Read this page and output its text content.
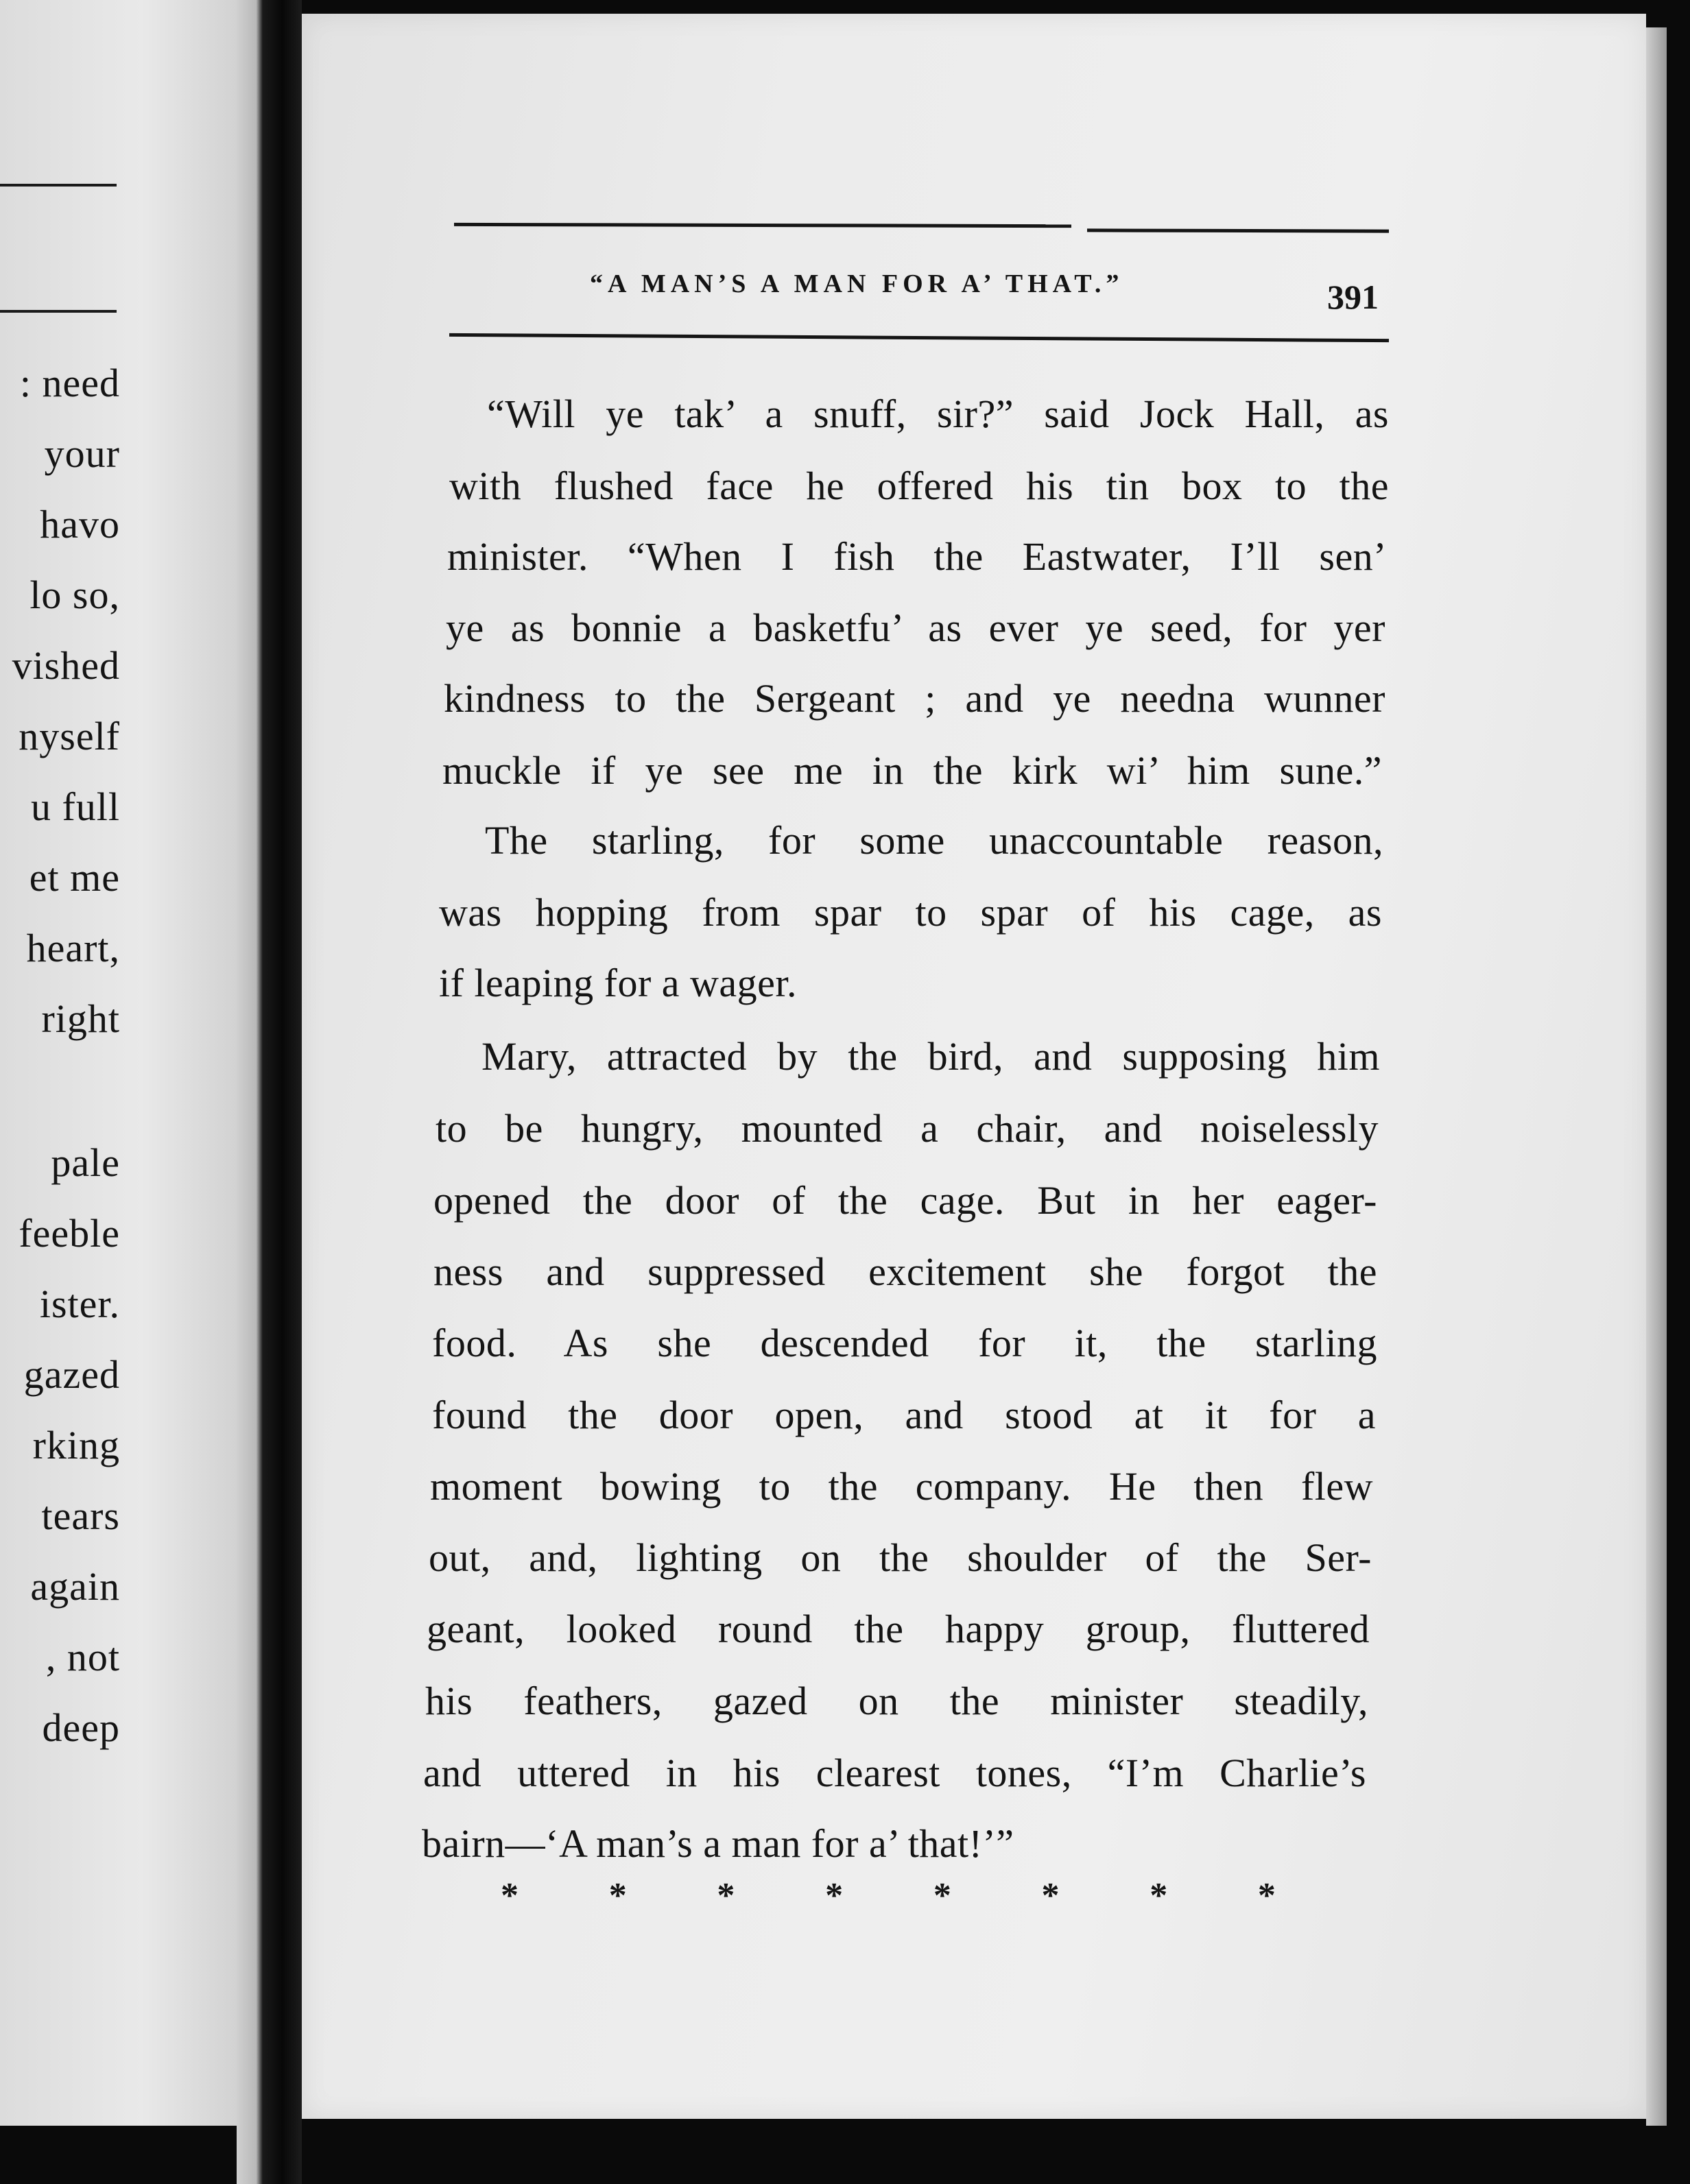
: need
your
havo
lo so,
vished
nyself
u full
et me
heart,
right
pale
feeble
ister.
gazed
rking
tears
again
, not
deep
“A MAN’S A MAN FOR A’ THAT.”	391
“Will ye tak’ a snuff, sir?” said Jock Hall, as
with flushed face he offered his tin box to the
minister. “When I fish the Eastwater, I’ll sen’
ye as bonnie a basketfu’ as ever ye seed, for yer
kindness to the Sergeant ; and ye needna wunner
muckle if ye see me in the kirk wi’ him sune.”
The starling, for some unaccountable reason,
was hopping from spar to spar of his cage, as
if leaping for a wager.
Mary, attracted by the bird, and supposing him
to be hungry, mounted a chair, and noiselessly
opened the door of the cage. But in her eager-
ness and suppressed excitement she forgot the
food. As she descended for it, the starling
found the door open, and stood at it for a
moment bowing to the company. He then flew
out, and, lighting on the shoulder of the Ser-
geant, looked round the happy group, fluttered
his feathers, gazed on the minister steadily,
and uttered in his clearest tones, “I’m Charlie’s
bairn—‘A man’s a man for a’ that!’”
*	*	*	*	*	*	*	*
